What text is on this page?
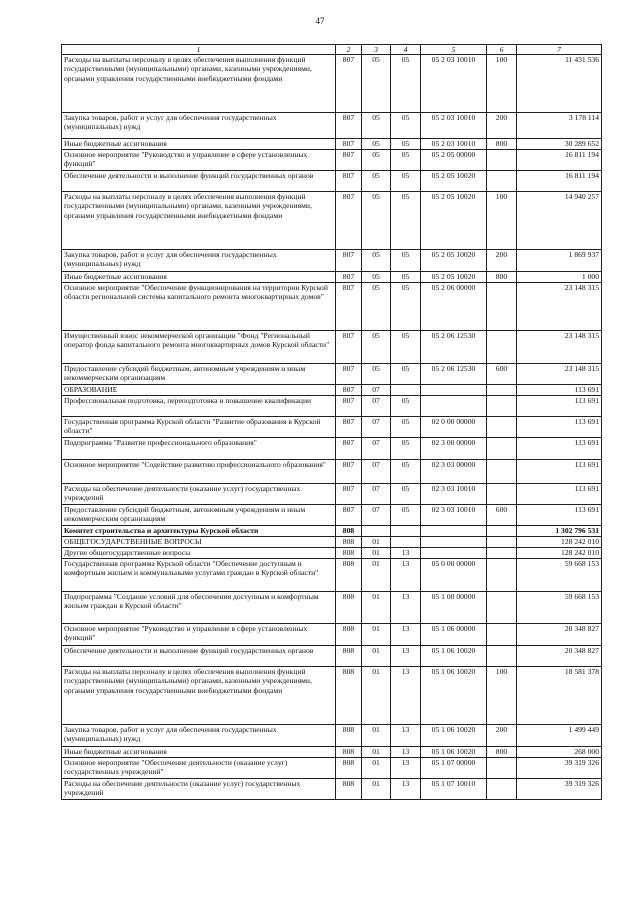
47
1	2	3	4	5	6	7
Расходы на выплаты персоналу в целях обеспечения выполнения функций государственными (муниципальными) органами, казенными учреждениями, органами управления государственными внебюджетными фондами	807	05	05	05 2 03 10010	100	11 431 536
Закупка товаров, работ и услуг для обеспечения государственных (муниципальных) нужд	807	05	05	05 2 03 10010	200	3 178 114
Иные бюджетные ассигнования	807	05	05	05 2 03 10010	800	30 289 652
Основное мероприятие "Руководство и управление в сфере установленных функций"	807	05	05	05 2 05 00000		16 811 194
Обеспечение деятельности и выполнение функций государственных органов	807	05	05	05 2 05 10020		16 811 194
Расходы на выплаты персоналу в целях обеспечения выполнения функций государственными (муниципальными) органами, казенными учреждениями, органами управления государственными внебюджетными фондами	807	05	05	05 2 05 10020	100	14 940 257
Закупка товаров, работ и услуг для обеспечения государственных (муниципальных) нужд	807	05	05	05 2 05 10020	200	1 869 937
Иные бюджетные ассигнования	807	05	05	05 2 05 10020	800	1 000
Основное мероприятие "Обеспечение функционирования на территории Курской области региональной системы капитального ремонта многоквартирных домов"	807	05	05	05 2 06 00000		23 148 315
Имущественный взнос некоммерческой организации "Фонд "Региональный оператор фонда капитального ремонта многоквартирных домов Курской области"	807	05	05	05 2 06 12530		23 148 315
Предоставление субсидий бюджетным, автономным учреждениям и иным некоммерческим организациям	807	05	05	05 2 06 12530	600	23 148 315
ОБРАЗОВАНИЕ	807	07				113 691
Профессиональная подготовка, переподготовка и повышение квалификации	807	07	05			113 691
Государственная программа Курской области "Развитие образования в Курской области"	807	07	05	02 0 00 00000		113 691
Подпрограмма "Развитие профессионального образования"	807	07	05	02 3 00 00000		113 691
Основное мероприятие "Содействие развитию профессионального образования"	807	07	05	02 3 03 00000		113 691
Расходы на обеспечение деятельности (оказание услуг) государственных учреждений	807	07	05	02 3 03 10010		113 691
Предоставление субсидий бюджетным, автономным учреждениям и иным некоммерческим организациям	807	07	05	02 3 03 10010	600	113 691
Комитет строительства и архитектуры Курской области	808					1 302 796 531
ОБЩЕГОСУДАРСТВЕННЫЕ ВОПРОСЫ	808	01				128 242 010
Другие общегосударственные вопросы	808	01	13			128 242 010
Государственная программа Курской области "Обеспечение доступным и комфортным жильем и коммунальными услугами граждан в Курской области"	808	01	13	05 0 00 00000		59 668 153
Подпрограмма "Создание условий для обеспечения доступным и комфортным жильем граждан в Курской области"	808	01	13	05 1 00 00000		59 668 153
Основное мероприятие "Руководство и управление в сфере установленных функций"	808	01	13	05 1 06 00000		20 348 827
Обеспечение деятельности и выполнение функций государственных органов	808	01	13	05 1 06 10020		20 348 827
Расходы на выплаты персоналу в целях обеспечения выполнения функций государственными (муниципальными) органами, казенными учреждениями, органами управления государственными внебюджетными фондами	808	01	13	05 1 06 10020	100	18 581 378
Закупка товаров, работ и услуг для обеспечения государственных (муниципальных) нужд	808	01	13	05 1 06 10020	200	1 499 449
Иные бюджетные ассигнования	808	01	13	05 1 06 10020	800	268 000
Основное мероприятие "Обеспечение деятельности (оказание услуг) государственных учреждений"	808	01	13	05 1 07 00000		39 319 326
Расходы на обеспечение деятельности (оказание услуг) государственных учреждений	808	01	13	05 1 07 10010		39 319 326
